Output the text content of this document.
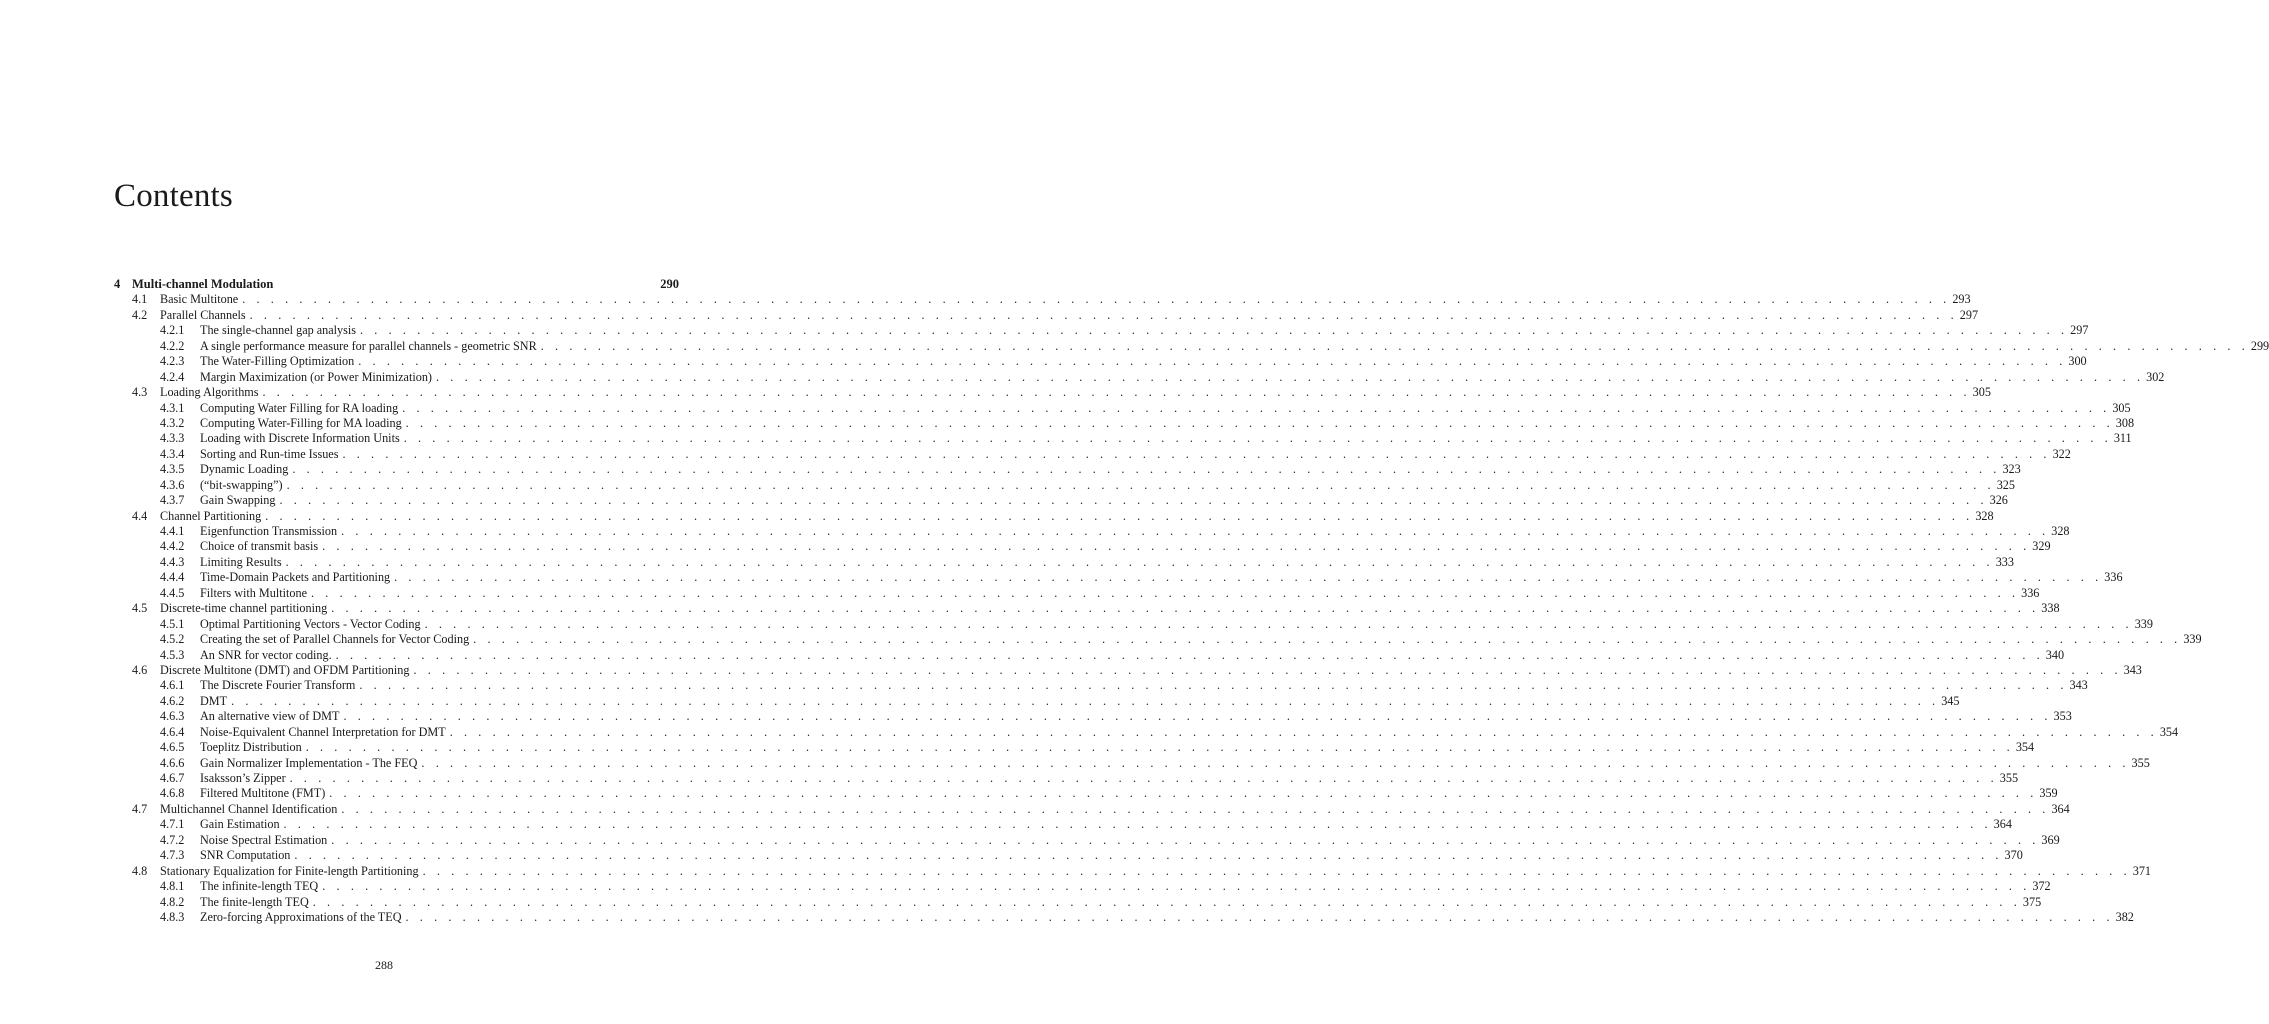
Contents
4 Multi-channel Modulation	290
4.1 Basic Multitone . . . . . . . . . . . . . . . . . . . . . . . . . . . . . . . . . . . . . . . . . . . . . . . . . . . . . . . . . . . . . . . . . . . . . . . . . . . . . . . . . . . . . . . . . . . . . . . . . . . . . . . . . . . . . . . . . . . . . . . . 293
4.2 Parallel Channels . . . . . . . . . . . . . . . . . . . . . . . . . . . . . . . . . . . . . . . . . . . . . . . . . . . . . . . . . . . . . . . . . . . . . . . . . . . . . . . . . . . . . . . . . . . . . . . . . . . . . . . . . . . . . . . . . . . . . . . . 297
4.2.1 The single-channel gap analysis . . . . . . . . . . . . . . . . . . . . . . . . . . . . . . . . . . . . . . . . . . . . . . . . . . . . . . . . . . . . . . . . . . . . . . . . . . . . . . . . . . . . . . . . . . . . . . . . . . . . . . . . . . . . . . . . . . . . . . . . 297
4.2.2 A single performance measure for parallel channels - geometric SNR . . . . . . . . . . . . . . . . . . . . . . . . . . . . . . . . . . . . . . . . . . . . . . . . . . . . . . . . . . . . . . . . . . . . . . . . . . . . . . . . . . . . . . . . . . . . . . . . . . . . . . . . . . . . . . . . . . . . . . . . 299
4.2.3 The Water-Filling Optimization . . . . . . . . . . . . . . . . . . . . . . . . . . . . . . . . . . . . . . . . . . . . . . . . . . . . . . . . . . . . . . . . . . . . . . . . . . . . . . . . . . . . . . . . . . . . . . . . . . . . . . . . . . . . . . . . . . . . . . . . 300
4.2.4 Margin Maximization (or Power Minimization) . . . . . . . . . . . . . . . . . . . . . . . . . . . . . . . . . . . . . . . . . . . . . . . . . . . . . . . . . . . . . . . . . . . . . . . . . . . . . . . . . . . . . . . . . . . . . . . . . . . . . . . . . . . . . . . . . . . . . . . . 302
4.3 Loading Algorithms . . . . . . . . . . . . . . . . . . . . . . . . . . . . . . . . . . . . . . . . . . . . . . . . . . . . . . . . . . . . . . . . . . . . . . . . . . . . . . . . . . . . . . . . . . . . . . . . . . . . . . . . . . . . . . . . . . . . . . . . 305
4.3.1 Computing Water Filling for RA loading . . . . . . . . . . . . . . . . . . . . . . . . . . . . . . . . . . . . . . . . . . . . . . . . . . . . . . . . . . . . . . . . . . . . . . . . . . . . . . . . . . . . . . . . . . . . . . . . . . . . . . . . . . . . . . . . . . . . . . . . 305
4.3.2 Computing Water-Filling for MA loading . . . . . . . . . . . . . . . . . . . . . . . . . . . . . . . . . . . . . . . . . . . . . . . . . . . . . . . . . . . . . . . . . . . . . . . . . . . . . . . . . . . . . . . . . . . . . . . . . . . . . . . . . . . . . . . . . . . . . . . . 308
4.3.3 Loading with Discrete Information Units . . . . . . . . . . . . . . . . . . . . . . . . . . . . . . . . . . . . . . . . . . . . . . . . . . . . . . . . . . . . . . . . . . . . . . . . . . . . . . . . . . . . . . . . . . . . . . . . . . . . . . . . . . . . . . . . . . . . . . . . 311
4.3.4 Sorting and Run-time Issues . . . . . . . . . . . . . . . . . . . . . . . . . . . . . . . . . . . . . . . . . . . . . . . . . . . . . . . . . . . . . . . . . . . . . . . . . . . . . . . . . . . . . . . . . . . . . . . . . . . . . . . . . . . . . . . . . . . . . . . . 322
4.3.5 Dynamic Loading . . . . . . . . . . . . . . . . . . . . . . . . . . . . . . . . . . . . . . . . . . . . . . . . . . . . . . . . . . . . . . . . . . . . . . . . . . . . . . . . . . . . . . . . . . . . . . . . . . . . . . . . . . . . . . . . . . . . . . . . 323
4.3.6 (“bit-swapping”) . . . . . . . . . . . . . . . . . . . . . . . . . . . . . . . . . . . . . . . . . . . . . . . . . . . . . . . . . . . . . . . . . . . . . . . . . . . . . . . . . . . . . . . . . . . . . . . . . . . . . . . . . . . . . . . . . . . . . . . . 325
4.3.7 Gain Swapping . . . . . . . . . . . . . . . . . . . . . . . . . . . . . . . . . . . . . . . . . . . . . . . . . . . . . . . . . . . . . . . . . . . . . . . . . . . . . . . . . . . . . . . . . . . . . . . . . . . . . . . . . . . . . . . . . . . . . . . . 326
4.4 Channel Partitioning . . . . . . . . . . . . . . . . . . . . . . . . . . . . . . . . . . . . . . . . . . . . . . . . . . . . . . . . . . . . . . . . . . . . . . . . . . . . . . . . . . . . . . . . . . . . . . . . . . . . . . . . . . . . . . . . . . . . . . . . 328
4.4.1 Eigenfunction Transmission . . . . . . . . . . . . . . . . . . . . . . . . . . . . . . . . . . . . . . . . . . . . . . . . . . . . . . . . . . . . . . . . . . . . . . . . . . . . . . . . . . . . . . . . . . . . . . . . . . . . . . . . . . . . . . . . . . . . . . . . 328
4.4.2 Choice of transmit basis . . . . . . . . . . . . . . . . . . . . . . . . . . . . . . . . . . . . . . . . . . . . . . . . . . . . . . . . . . . . . . . . . . . . . . . . . . . . . . . . . . . . . . . . . . . . . . . . . . . . . . . . . . . . . . . . . . . . . . . . 329
4.4.3 Limiting Results . . . . . . . . . . . . . . . . . . . . . . . . . . . . . . . . . . . . . . . . . . . . . . . . . . . . . . . . . . . . . . . . . . . . . . . . . . . . . . . . . . . . . . . . . . . . . . . . . . . . . . . . . . . . . . . . . . . . . . . . 333
4.4.4 Time-Domain Packets and Partitioning . . . . . . . . . . . . . . . . . . . . . . . . . . . . . . . . . . . . . . . . . . . . . . . . . . . . . . . . . . . . . . . . . . . . . . . . . . . . . . . . . . . . . . . . . . . . . . . . . . . . . . . . . . . . . . . . . . . . . . . . 336
4.4.5 Filters with Multitone . . . . . . . . . . . . . . . . . . . . . . . . . . . . . . . . . . . . . . . . . . . . . . . . . . . . . . . . . . . . . . . . . . . . . . . . . . . . . . . . . . . . . . . . . . . . . . . . . . . . . . . . . . . . . . . . . . . . . . . . 336
4.5 Discrete-time channel partitioning . . . . . . . . . . . . . . . . . . . . . . . . . . . . . . . . . . . . . . . . . . . . . . . . . . . . . . . . . . . . . . . . . . . . . . . . . . . . . . . . . . . . . . . . . . . . . . . . . . . . . . . . . . . . . . . . . . . . . . . . 338
4.5.1 Optimal Partitioning Vectors - Vector Coding . . . . . . . . . . . . . . . . . . . . . . . . . . . . . . . . . . . . . . . . . . . . . . . . . . . . . . . . . . . . . . . . . . . . . . . . . . . . . . . . . . . . . . . . . . . . . . . . . . . . . . . . . . . . . . . . . . . . . . . . 339
4.5.2 Creating the set of Parallel Channels for Vector Coding . . . . . . . . . . . . . . . . . . . . . . . . . . . . . . . . . . . . . . . . . . . . . . . . . . . . . . . . . . . . . . . . . . . . . . . . . . . . . . . . . . . . . . . . . . . . . . . . . . . . . . . . . . . . . . . . . . . . . . . . 339
4.5.3 An SNR for vector coding. . . . . . . . . . . . . . . . . . . . . . . . . . . . . . . . . . . . . . . . . . . . . . . . . . . . . . . . . . . . . . . . . . . . . . . . . . . . . . . . . . . . . . . . . . . . . . . . . . . . . . . . . . . . . . . . . . . . . . . . . 340
4.6 Discrete Multitone (DMT) and OFDM Partitioning . . . . . . . . . . . . . . . . . . . . . . . . . . . . . . . . . . . . . . . . . . . . . . . . . . . . . . . . . . . . . . . . . . . . . . . . . . . . . . . . . . . . . . . . . . . . . . . . . . . . . . . . . . . . . . . . . . . . . . . . 343
4.6.1 The Discrete Fourier Transform . . . . . . . . . . . . . . . . . . . . . . . . . . . . . . . . . . . . . . . . . . . . . . . . . . . . . . . . . . . . . . . . . . . . . . . . . . . . . . . . . . . . . . . . . . . . . . . . . . . . . . . . . . . . . . . . . . . . . . . . 343
4.6.2 DMT . . . . . . . . . . . . . . . . . . . . . . . . . . . . . . . . . . . . . . . . . . . . . . . . . . . . . . . . . . . . . . . . . . . . . . . . . . . . . . . . . . . . . . . . . . . . . . . . . . . . . . . . . . . . . . . . . . . . . . . . 345
4.6.3 An alternative view of DMT . . . . . . . . . . . . . . . . . . . . . . . . . . . . . . . . . . . . . . . . . . . . . . . . . . . . . . . . . . . . . . . . . . . . . . . . . . . . . . . . . . . . . . . . . . . . . . . . . . . . . . . . . . . . . . . . . . . . . . . . 353
4.6.4 Noise-Equivalent Channel Interpretation for DMT . . . . . . . . . . . . . . . . . . . . . . . . . . . . . . . . . . . . . . . . . . . . . . . . . . . . . . . . . . . . . . . . . . . . . . . . . . . . . . . . . . . . . . . . . . . . . . . . . . . . . . . . . . . . . . . . . . . . . . . . 354
4.6.5 Toeplitz Distribution . . . . . . . . . . . . . . . . . . . . . . . . . . . . . . . . . . . . . . . . . . . . . . . . . . . . . . . . . . . . . . . . . . . . . . . . . . . . . . . . . . . . . . . . . . . . . . . . . . . . . . . . . . . . . . . . . . . . . . . . 354
4.6.6 Gain Normalizer Implementation - The FEQ . . . . . . . . . . . . . . . . . . . . . . . . . . . . . . . . . . . . . . . . . . . . . . . . . . . . . . . . . . . . . . . . . . . . . . . . . . . . . . . . . . . . . . . . . . . . . . . . . . . . . . . . . . . . . . . . . . . . . . . . 355
4.6.7 Isaksson’s Zipper . . . . . . . . . . . . . . . . . . . . . . . . . . . . . . . . . . . . . . . . . . . . . . . . . . . . . . . . . . . . . . . . . . . . . . . . . . . . . . . . . . . . . . . . . . . . . . . . . . . . . . . . . . . . . . . . . . . . . . . . 355
4.6.8 Filtered Multitone (FMT) . . . . . . . . . . . . . . . . . . . . . . . . . . . . . . . . . . . . . . . . . . . . . . . . . . . . . . . . . . . . . . . . . . . . . . . . . . . . . . . . . . . . . . . . . . . . . . . . . . . . . . . . . . . . . . . . . . . . . . . . 359
4.7 Multichannel Channel Identification . . . . . . . . . . . . . . . . . . . . . . . . . . . . . . . . . . . . . . . . . . . . . . . . . . . . . . . . . . . . . . . . . . . . . . . . . . . . . . . . . . . . . . . . . . . . . . . . . . . . . . . . . . . . . . . . . . . . . . . . 364
4.7.1 Gain Estimation . . . . . . . . . . . . . . . . . . . . . . . . . . . . . . . . . . . . . . . . . . . . . . . . . . . . . . . . . . . . . . . . . . . . . . . . . . . . . . . . . . . . . . . . . . . . . . . . . . . . . . . . . . . . . . . . . . . . . . . . 364
4.7.2 Noise Spectral Estimation . . . . . . . . . . . . . . . . . . . . . . . . . . . . . . . . . . . . . . . . . . . . . . . . . . . . . . . . . . . . . . . . . . . . . . . . . . . . . . . . . . . . . . . . . . . . . . . . . . . . . . . . . . . . . . . . . . . . . . . . 369
4.7.3 SNR Computation . . . . . . . . . . . . . . . . . . . . . . . . . . . . . . . . . . . . . . . . . . . . . . . . . . . . . . . . . . . . . . . . . . . . . . . . . . . . . . . . . . . . . . . . . . . . . . . . . . . . . . . . . . . . . . . . . . . . . . . . 370
4.8 Stationary Equalization for Finite-length Partitioning . . . . . . . . . . . . . . . . . . . . . . . . . . . . . . . . . . . . . . . . . . . . . . . . . . . . . . . . . . . . . . . . . . . . . . . . . . . . . . . . . . . . . . . . . . . . . . . . . . . . . . . . . . . . . . . . . . . . . . . . 371
4.8.1 The infinite-length TEQ . . . . . . . . . . . . . . . . . . . . . . . . . . . . . . . . . . . . . . . . . . . . . . . . . . . . . . . . . . . . . . . . . . . . . . . . . . . . . . . . . . . . . . . . . . . . . . . . . . . . . . . . . . . . . . . . . . . . . . . . 372
4.8.2 The finite-length TEQ . . . . . . . . . . . . . . . . . . . . . . . . . . . . . . . . . . . . . . . . . . . . . . . . . . . . . . . . . . . . . . . . . . . . . . . . . . . . . . . . . . . . . . . . . . . . . . . . . . . . . . . . . . . . . . . . . . . . . . . . 375
4.8.3 Zero-forcing Approximations of the TEQ . . . . . . . . . . . . . . . . . . . . . . . . . . . . . . . . . . . . . . . . . . . . . . . . . . . . . . . . . . . . . . . . . . . . . . . . . . . . . . . . . . . . . . . . . . . . . . . . . . . . . . . . . . . . . . . . . . . . . . . . 382
288
